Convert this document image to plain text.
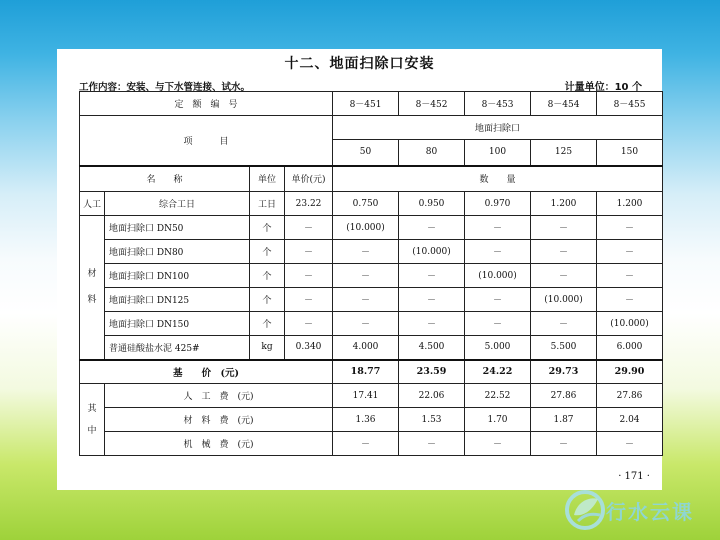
十二、地面扫除口安装
工作内容：安装、与下水管连接、试水。	计量单位：10 个
定　额　编　号				8－451	8－452	8－453	8－454	8－455
项　　　目				地面扫除口				
				50	80	100	125	150
名　　称		单位	单价(元)	数　　量				
人工	综合工日	工日	23.22	0.750	0.950	0.970	1.200	1.200
材料	地面扫除口 DN50	个	－	(10.000)	－	－	－	－
	地面扫除口 DN80	个	－	－	(10.000)	－	－	－
	地面扫除口 DN100	个	－	－	－	(10.000)	－	－
	地面扫除口 DN125	个	－	－	－	－	(10.000)	－
	地面扫除口 DN150	个	－	－	－	－	－	(10.000)
	普通硅酸盐水泥 425#	kg	0.340	4.000	4.500	5.000	5.500	6.000
基　　价　(元)				18.77	23.59	24.22	29.73	29.90
其中	人　工　费　(元)			17.41	22.06	22.52	27.86	27.86
	材　料　费　(元)			1.36	1.53	1.70	1.87	2.04
	机　械　费　(元)			－	－	－	－	－
· 171 ·
行水云课
